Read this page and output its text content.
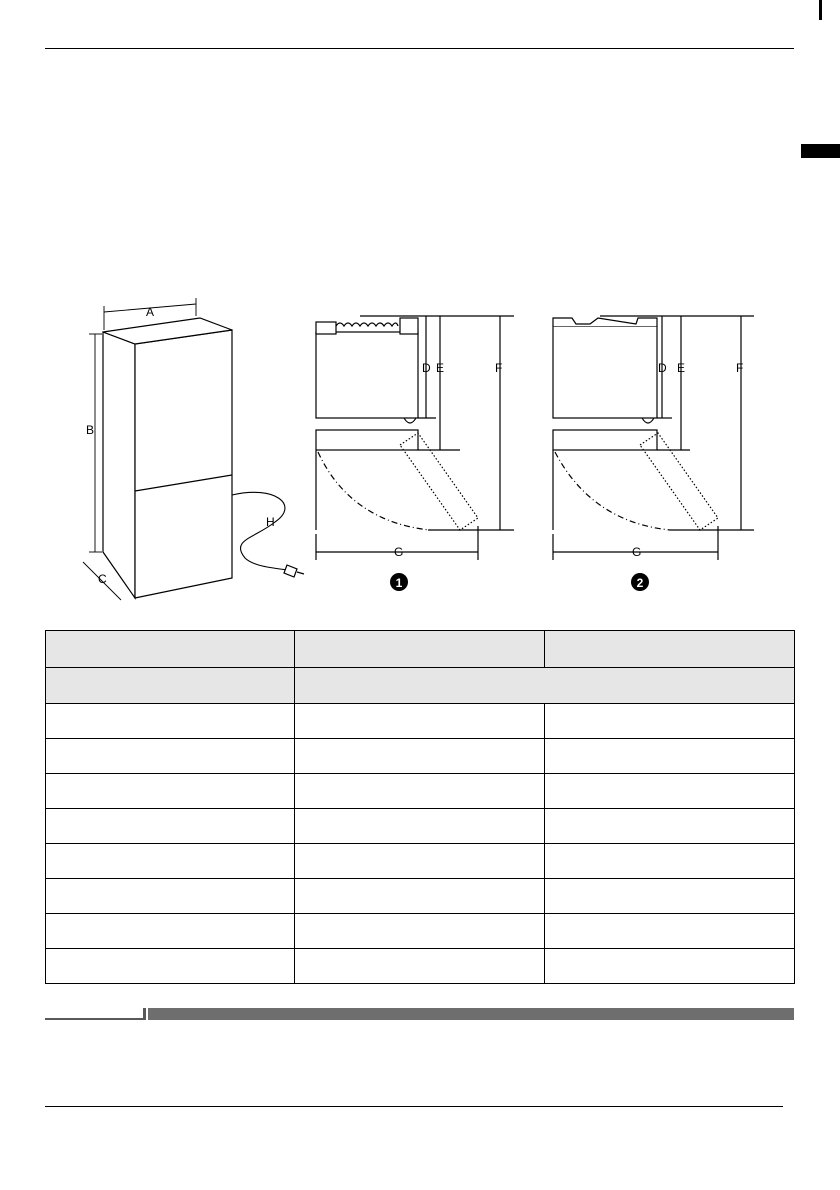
A
B
C
H
D E	F
G
D E	F
G
1	2
